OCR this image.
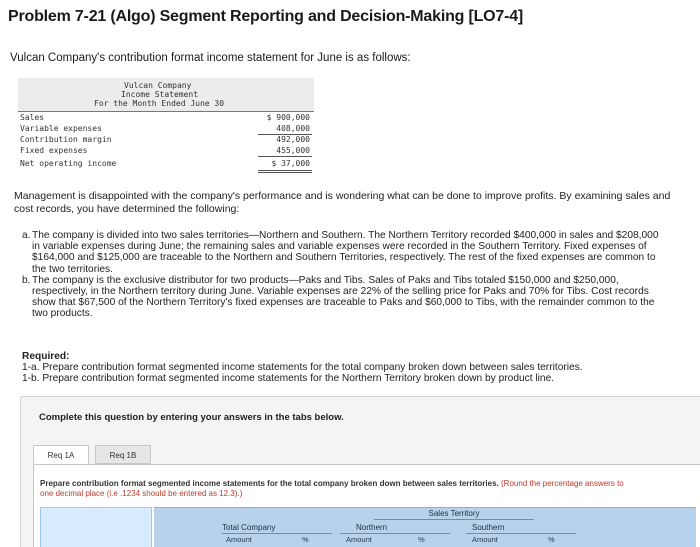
Problem 7-21 (Algo) Segment Reporting and Decision-Making [LO7-4]
Vulcan Company's contribution format income statement for June is as follows:
Vulcan Company
Income Statement
For the Month Ended June 30
Sales	$ 900,000
Variable expenses	408,000
Contribution margin	492,000
Fixed expenses	455,000
Net operating income	$ 37,000
Management is disappointed with the company's performance and is wondering what can be done to improve profits. By examining sales and cost records, you have determined the following:
a. The company is divided into two sales territories—Northern and Southern. The Northern Territory recorded $400,000 in sales and $208,000 in variable expenses during June; the remaining sales and variable expenses were recorded in the Southern Territory. Fixed expenses of $164,000 and $125,000 are traceable to the Northern and Southern Territories, respectively. The rest of the fixed expenses are common to the two territories.
b. The company is the exclusive distributor for two products—Paks and Tibs. Sales of Paks and Tibs totaled $150,000 and $250,000, respectively, in the Northern territory during June. Variable expenses are 22% of the selling price for Paks and 70% for Tibs. Cost records show that $67,500 of the Northern Territory's fixed expenses are traceable to Paks and $60,000 to Tibs, with the remainder common to the two products.
Required:
1-a. Prepare contribution format segmented income statements for the total company broken down between sales territories.
1-b. Prepare contribution format segmented income statements for the Northern Territory broken down by product line.
Complete this question by entering your answers in the tabs below.
Req 1A	Req 1B
Prepare contribution format segmented income statements for the total company broken down between sales territories. (Round the percentage answers to one decimal place (i.e .1234 should be entered as 12.3).)
Sales Territory
Total Company	Northern	Southern
Amount	%	Amount	%	Amount	%
